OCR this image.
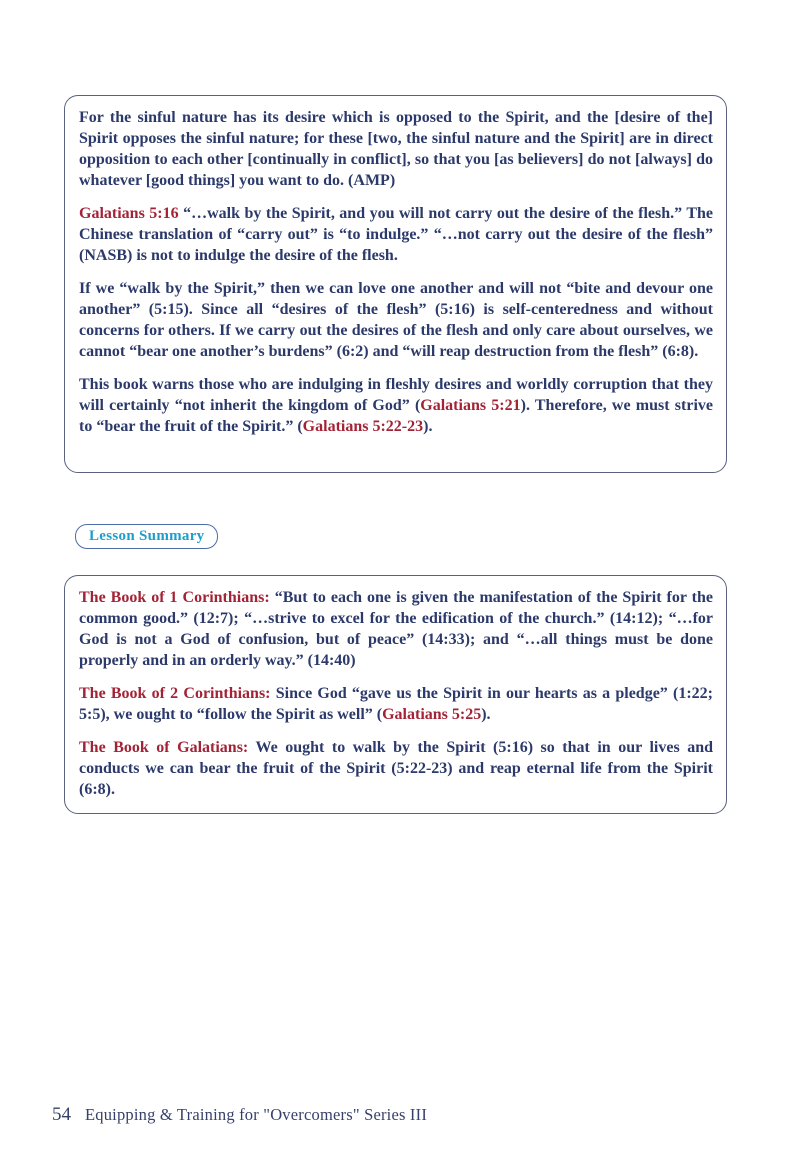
For the sinful nature has its desire which is opposed to the Spirit, and the [desire of the] Spirit opposes the sinful nature; for these [two, the sinful nature and the Spirit] are in direct opposition to each other [continually in conflict], so that you [as believers] do not [always] do whatever [good things] you want to do. (AMP)

Galatians 5:16 “…walk by the Spirit, and you will not carry out the desire of the flesh.” The Chinese translation of “carry out” is “to indulge.” “…not carry out the desire of the flesh” (NASB) is not to indulge the desire of the flesh.

If we “walk by the Spirit,” then we can love one another and will not “bite and devour one another” (5:15). Since all “desires of the flesh” (5:16) is self-centeredness and without concerns for others. If we carry out the desires of the flesh and only care about ourselves, we cannot “bear one another’s burdens” (6:2) and “will reap destruction from the flesh” (6:8).

This book warns those who are indulging in fleshly desires and worldly corruption that they will certainly “not inherit the kingdom of God” (Galatians 5:21). Therefore, we must strive to “bear the fruit of the Spirit.” (Galatians 5:22-23).

Lesson Summary

The Book of 1 Corinthians: “But to each one is given the manifestation of the Spirit for the common good.” (12:7); “…strive to excel for the edification of the church.” (14:12); “…for God is not a God of confusion, but of peace” (14:33); and “…all things must be done properly and in an orderly way.” (14:40)

The Book of 2 Corinthians: Since God “gave us the Spirit in our hearts as a pledge” (1:22; 5:5), we ought to “follow the Spirit as well” (Galatians 5:25).

The Book of Galatians: We ought to walk by the Spirit (5:16) so that in our lives and conducts we can bear the fruit of the Spirit (5:22-23) and reap eternal life from the Spirit (6:8).

54 Equipping & Training for "Overcomers" Series III
